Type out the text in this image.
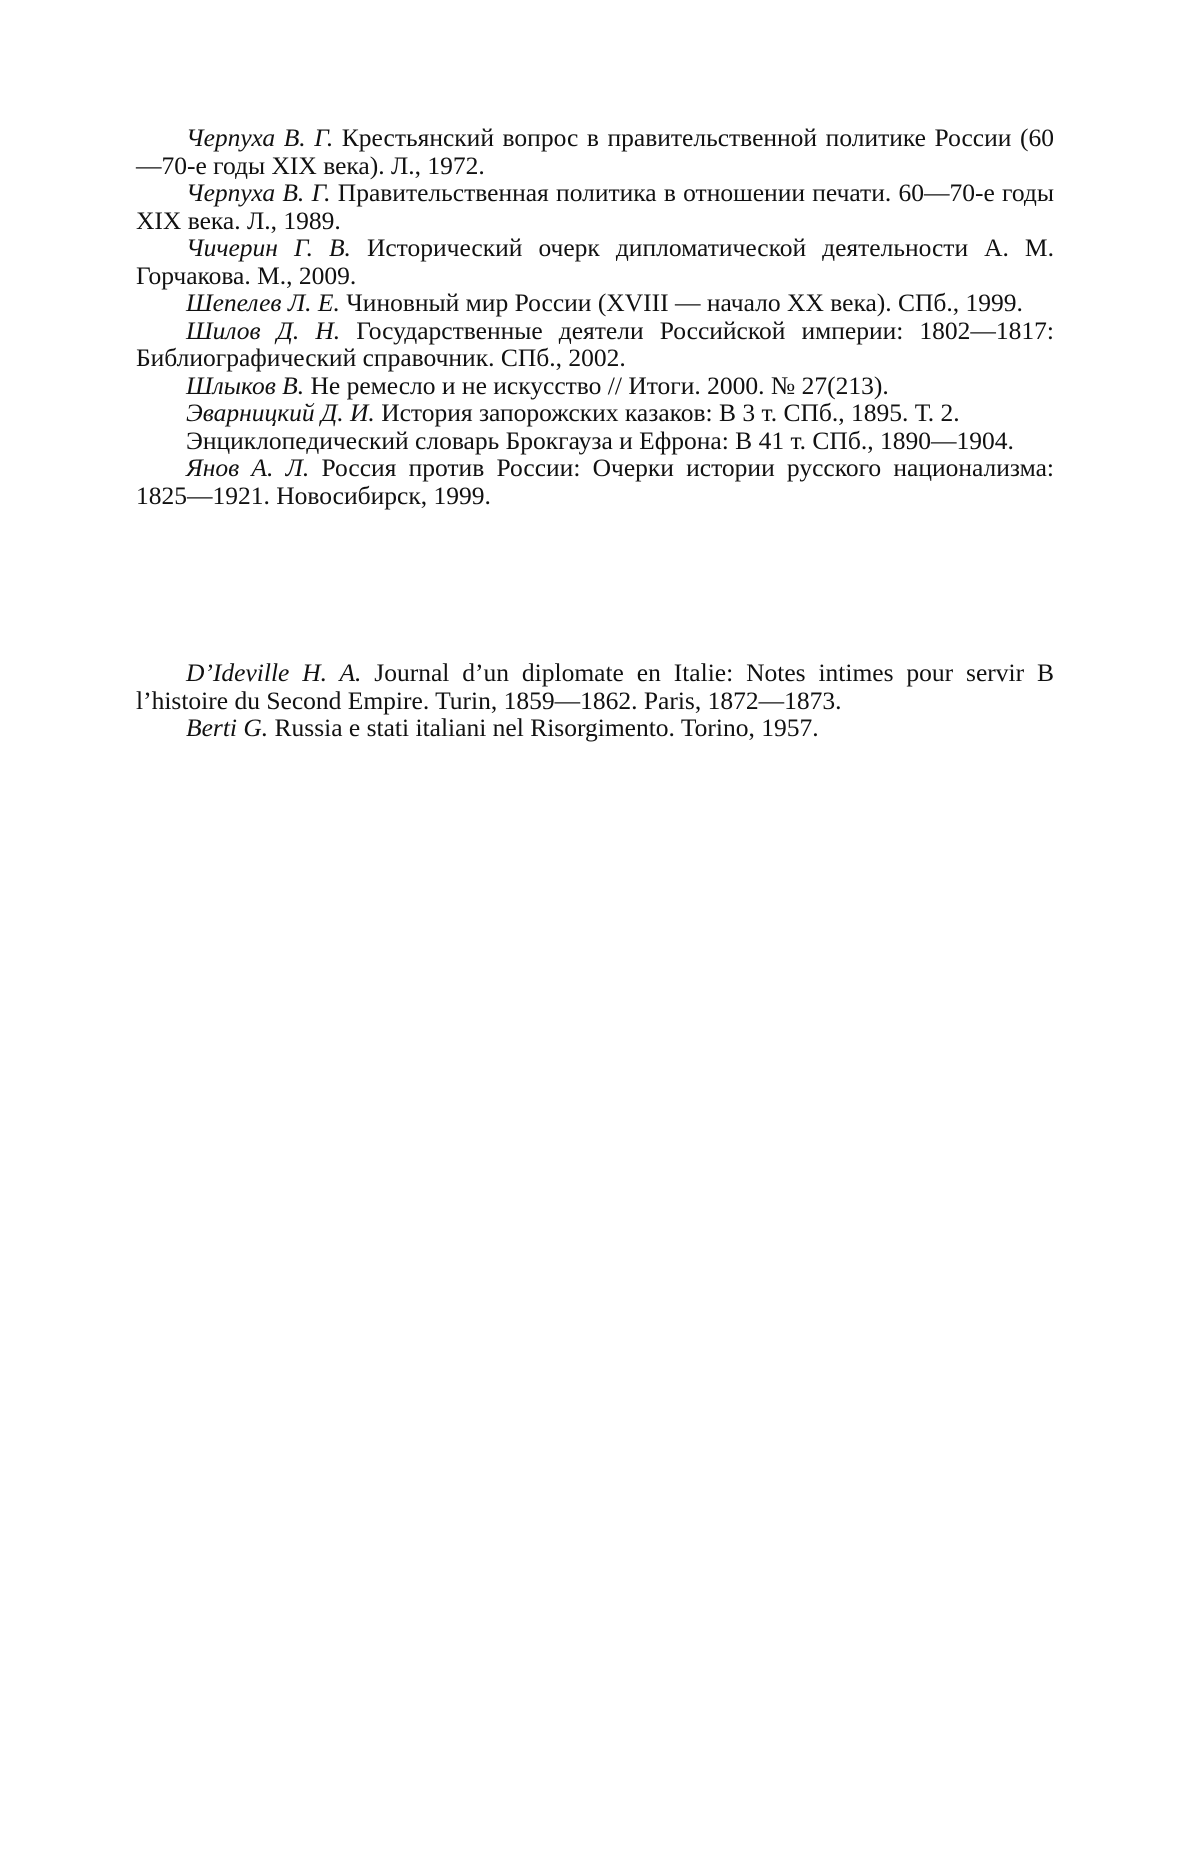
Черпуха В. Г. Крестьянский вопрос в правительственной политике России (60—70-е годы XIX века). Л., 1972.

Черпуха В. Г. Правительственная политика в отношении печати. 60—70-е годы XIX века. Л., 1989.

Чичерин Г. В. Исторический очерк дипломатической деятельности А. М. Горчакова. М., 2009.

Шепелев Л. Е. Чиновный мир России (XVIII — начало XX века). СПб., 1999.

Шилов Д. Н. Государственные деятели Российской империи: 1802—1817: Библиографический справочник. СПб., 2002.

Шлыков В. Не ремесло и не искусство // Итоги. 2000. № 27(213).

Эварницкий Д. И. История запорожских казаков: В 3 т. СПб., 1895. Т. 2.

Энциклопедический словарь Брокгауза и Ефрона: В 41 т. СПб., 1890—1904.

Янов А. Л. Россия против России: Очерки истории русского национализма: 1825—1921. Новосибирск, 1999.

D’Ideville H. A. Journal d’un diplomate en Italie: Notes intimes pour servir В l’histoire du Second Empire. Turin, 1859—1862. Paris, 1872—1873.

Berti G. Russia e stati italiani nel Risorgimento. Torino, 1957.
